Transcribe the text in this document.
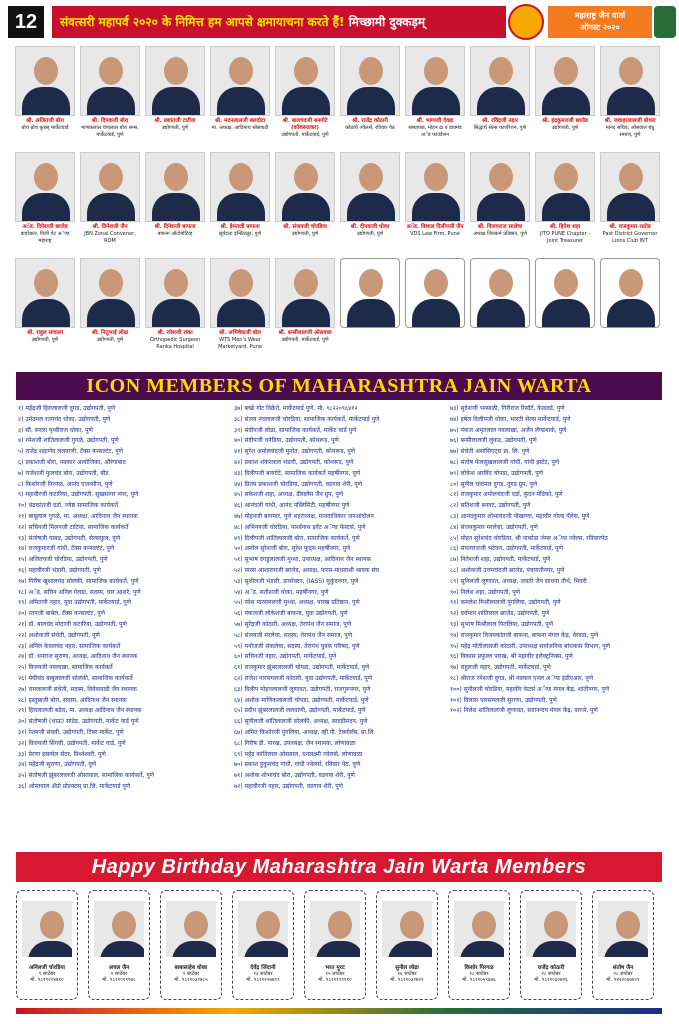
12	संवत्सरी महापर्व २०२० के निमित्त हम आपसे क्षमायाचना करते हैं! मिच्छामी दुक्कड़म्	महाराष्ट्र जैन वार्ता
ऑगस्ट २०२०
श्री. अजितजी बोरा
बोरा ब्रोथ फ़ुडस् मार्केटयार्ड
श्री. दिपकजी बोरा
माणकलाल चंपालाल बोरा सन्स, मार्केटयार्ड, पुणे
श्री. प्रशांतजी टाटीया
उद्योगपती, पुणे
श्री. मदनलालजी बलदोटा
मा. अध्यक्ष, आदिनाथ सोसायटी
श्री. बालचंदजी बनगोटे (कोथरूडकर)
उद्योगपती, मार्केटयार्ड, पुणे
श्री. राजेंद्र कोठारी
कोठारी ज्वेलर्स, रविवार पेठ
श्री. भाग्यजी देवडा
संस्थापक, मोहन द्रा व डायमंड अॅड फाउंडेशन
श्री. रविंद्रजी नहार
सिद्धांर्थ सेल्स कार्पोरेशन, पुणे
श्री. इंद्रकुमारजी छाजेड
उद्योगपती, पुणे
श्री. जवाहरलालजी बोथरा
मानद सचिव, ओसवाल बंधु समाज, पुणे
अॅड. दिनेशजी छाजेड
डायरेक्टर, विजी पेट अॅण्ड महाराष्ट्र
श्री. दिनेशजी जैन
JBN Zonal Convener, ROM
श्री. दिनेशजी बाफना
बाफना ऑटोमोटिव्ह
श्री. हेमंतजी बाफना
सूर्यदत्ता इन्स्टिट्यूट, पुणे
श्री. संजयजी चोरडिया
उद्योगपती, पुणे
श्री. दीपकजी धोका
उद्योगपती, पुणे
अॅड. विशाल दिलीपजी जैन
VDS Law Firm, Pune
श्री. विजयराज सालेचा
अध्यक्ष जितकर्म प्रतिष्ठान, पुणे
श्री. हितेश शहा
JITO PUNE Chapter - Joint Treasurer
श्री. राजकुमार राठोड
Past District Governor Lions Club INT
श्री. राहुल सांकला
उद्योगपती, पुणे
श्री. नितुभाई लोढा
उद्योगपती, पुणे
श्री. रमेशजी रांका
Orthopedic Surgeon Ranka Hospital
श्री. अभिषेकजी बोरा
WTS Men's Wear Marketyard, Pune
श्री. बन्सीलालजी ओसवाल
उद्योगपती, मार्केटयार्ड, पुणे
ICON MEMBERS OF MAHARASHTRA JAIN WARTA
१) महेंद्रजी हिरालालजी दुगड, उद्योगपती, पुणे
२) उमेदमल रतनचंद धोका, उद्योगपती, पुणे
३) सौ. सरला पृथ्वीराज धोका, पुणे
४) रमेशजी शांतिलालजी गुगळे, उद्योगपती, पुणे
५) राजेंद्र शहाणेद ललवाणी, टॅक्स कन्सल्टंट, पुणे
६) प्रकाशजी बोरा, नवकार आयोजिका, औरंगाबाद
७) राजेशजी फुलचंद बोरा, उद्योगपती, बीड
८) किशोरजी पिरगळ, आनंद एजन्सीज, पुणे
९) महावीरजी कटारिया, उद्योगपती, सुखसागर नगर, पुणे
१०) चंद्रकांतजी दर्डा, ज्येष्ठ सामाजिक कार्यकर्ते
११) बाबूलाल गुगळे, मा. अध्यक्ष, आदिनाथ जैन स्थानक
१२) सचिनजी मिलनजी टाटिया, सामाजिक कार्यकर्ते
१३) संतोषजी चाबड, उद्योगपती, सेल्सफ़ुल, पुणे
१४) राजकुमारजी गांधी, टॅक्स कन्सल्टंट, पुणे
१५) अजितचजी चोरडिया, उद्योगपती, पुणे
१६) महावीरजी भंडारी, उद्योगपती, पुणे
१७) गिरीष खुशालचंद सोलंकी, सामाजिक कार्यकर्ते, पुणे
१८) अॅड. सचिन अनिल गेलडा, सदस्य, चार आशरे, पुणे
१९) अमितजी नहार, युवा उद्योगपती, मार्केटयार्ड, पुणे
२०) रतनजी बाबेल, टॅक्स कन्सल्टंट, पुणे
२१) डॉ. बालचंद मोदाजी कटारिया, उद्योगपती, पुणे
२२) अशोकजी संचेती, उद्योगपती, पुणे
२३) अनिल केवलचंद नहार, सामाजिक कार्यकर्ते
२४) डॉ. धनराज सुराणा, अध्यक्ष, आदिनाथ जैन स्थानक
२५) विजयजी नवलाखा, सामाजिक कार्यकर्ते
२६) मेघीचंद बाबुलालजी सोलंकी, सामाजिक कार्यकर्ते
२७) रामलालजी संचेती, सदस्य, विवेकवाडी जैन स्थानक
२८) हस्तुखजी बोरा, सदस्य, आदिनाथ जैन स्थानक
२९) हिरालालजी बडेरा, मा. अध्यक्ष आदिनाथ जैन स्थानक
३०) संतोषजी (भाऊ) सांडेड, उद्योगपती, मार्केट यार्ड पुणे
३१) रेशमजी संघवी, उद्योगपती, टिंबर मार्केट, पुणे
३२) विजयजी सिंगवी, उद्योगपती, मार्केट यार्ड, पुणे
३३) प्रेरणा इस्रायेल सेंटर, विश्वेश्वरी, पुणे
३४) महेंद्रजी सुराणा, उद्योगपती, पुणे
३५) संतोषजी झुंबरलालजी ओस्तवाल, सामाजिक कार्यकर्ते, पुणे
३६) ओस्तवाल ॲग्रो प्रोडक्टस् प्रा.लि. मार्केटयार्ड पुणे
३७) बच्छे गोट विक्रेते, मार्केटयार्ड पुणे. मो. ९८२२०९६४१२
३८) संजय नंदलालजी चोरडिया, सामाजिक कार्यकर्ते, मार्केटयार्ड पुणे
३९) संदीपजी लोढा, सामाजिक कार्यकर्ते, मार्केट यार्ड पुणे
४०) संदीपजी धनेडिया, उद्योगपती, कोथरूड, पुणे
४१) सुरेश अमोलचंदजी मुनोत, उद्योगपती, कोथरूड, पुणे
४२) प्रकाश शंकरलाल भंडारी, उद्योगपती, कोथरूड, पुणे
४३) दिलीपजी बनगोटे, सामाजिक कार्यकर्ते महर्षीनगर, पुणे
४४) प्रितम प्रकाशजी चोरडिया, उद्योगपती, वडगाव शेरी, पुणे
४५) सकेशजी शहा, अध्यक्ष, डीसलेंस जैन ग्रुप, पुणे
४६) आनंदजी गांधी, आनंद पब्लिसिटी, महर्षीनगर पुणे
४७) मोहनजी बागमार, पुणे शहराध्यक्ष, मानवाधिकार जनआंदोलन
४८) अभिनयजी चोरडिया, पार्श्वनाथ इवेंट अॅण्ड फेस्टर्स, पुणे
४९) दिलीपजी शांतिलालजी बोरा, सामाजिक कार्यकर्ते, पुणे
५०) अमोल सुरेशजी बोरा, सुरेश फूड्स महर्षीनगर, पुणे
५१) सुभाष दगडुलालजी मुथ्था, उपाध्यक्ष, आदिनाथ जैन स्थानक
५२) पारस आशारामजी छाजेड, अध्यक्ष, पारस-माधवाशी श्रावक संघ
५३) सुशीलजी भंडारी, डायरेक्टर, (IASS) मुकुंदनगर, पुणे
५४) अॅड. सतीशजी धोका, महर्षीनगर, पुणे
५५) रमेश पारसमलजी मुथ्था, अध्यक्ष, पारख प्रतिष्ठान, पुणे
५६) पंकजजी लोकेशजी बाफना, युवा उद्योगपती, पुणे
५७) सुरेंद्रजी कोठारी, अध्यक्ष, तेरापंथ जैन समाज, पुणे
५८) संजयजी मरलेचा, सदस्य, तेरापंथ जैन समाज, पुणे
५९) मनोजजी संकलेचा, सदस्य, तेरापंथ युवक परिषद, पुणे
६०) सचिनजी नहार, उद्योगपती, मार्केटयार्ड, पुणे
६१) राजकुमार झुंबरलालजी चोपडा, उद्योगपती, मार्केटयार्ड, पुणे
६२) राजेश पारसमलजी कोठारी, युवा उद्योगपती, मार्केटयार्ड, पुणे
६३) दिलीप मोहनलालजी लुणावत, उद्योगपती, राजगुरुनगर, पुणे
६४) अशोक माणिकलालजी चोपडा, उद्योगपती, मार्केटयार्ड, पुणे
६५) प्रदीप झुंबरलालजी ललवाणी, उद्योगपती, मार्केटयार्ड, पुणे
६६) सुनीलजी शांतिलालजी सोलंकी, अध्यक्ष, सादड़ीसदन, पुणे
६७) अमित किशोरजी पुंगलिया, अध्यक्ष, व्ही.पी. टेक्नोलॅब, प्रा.लि.
६८) गिरीष डी. पारख, उपाध्यक्ष, जैन स्थानक, लोणावळा
६९) महेंद्र कांतिलाल ओसवाल, धनलक्ष्मी ज्वेलर्स, लोणावळा
७०) प्रकाश हुकुमचंद गांधी, गांधी ज्वेलर्स, रविवार पेठ, पुणे
७१) अशोक शोभाचंद बोरा, उद्योगपती, वडगाव शेरी, पुणे
७२) महावीरजी नहार, उद्योगपती, वडगाव शेरी, पुणे
७३) सुदेशजी भन्साळी, गिरीराज रिसॉर्ट, केळवडे, पुणे
७४) हर्षल दिलीपजी धोका, भारती सेल्स मार्केटयार्ड, पुणे
७५) पंकज अमृतलाल नवलाखा, अर्जेन लॅण्डमार्क, पुणे
७६) बन्सीलालजी लुंकड, उद्योगपती, पुणे
७७) संचेती असोसिएट्स प्रा. लि. पुणे
७८) संतोष फेलसुखलालजी गांधी, गांधी इस्टेट, पुणे
७९) लोकेश अरविंद चोपडा, उद्योगपती, पुणे
८०) सुनील चांदमल दुगड, दुगड ग्रुप, पुणे
८१) राजकुमार अमोलचंदजी दर्डा, कुंदन मेडिको, पुणे
८२) सतिशजी बनवट, उद्योगपती, पुणे
८३) आनंदकुमार शोभाचंदजी पोखरणा, महावीर गोल्ड पॅलेस, पुणे
८४) संजयकुमार मरलेचा, उद्योगपती, पुणे
८५) मोहन सुरेशचंद चोरडिया, श्री नाकोडा जेम्स अॅण्ड ज्वेल्स, रविवारपेठ
८६) संपतराजजी भटेवरा, उद्योगपती, मार्केटयार्ड, पुणे
८७) नितेशजी शहा, उद्योगपती, मार्केटयार्ड, पुणे
८८) अशोकजी उत्तमचंदजी छाजेड, पंचायतीनगर, पुणे
८९) सुनिलजी लुणावत, अध्यक्ष, जयती जैन साधना तीर्थ, भिवरी
९०) निलेश शहा, उद्योगपती, पुणे
९१) कमलेश मिश्रीलालजी पुंगलिया, उद्योगपती, पुणे
९२) वर्धमान शांतिलाल छाजेड, उद्योगपती, पुणे
९३) सुभाष मिश्रीलाल पितलिया, उद्योगपती, पुणे
९४) राजकुमार विजयकांतजी बाफना, बाफना मंगल केंद्र, वेरवडा, पुणे
९५) महेंद्र मोतीलालजी कोठारी, उपाध्यक्ष सार्वजनिक बांधकाम विभाग, पुणे
९६) विकास प्रफुल्ल पारख, श्री महावीर इलेक्ट्रनिक्स, पुणे
९७) राहुलजी नहार, उद्योगपती, मार्केटयार्ड, पुणे
९८) श्रीराज रमेशजी दुगड, श्री नवकार एनल अॅण्ड इंडीएआर, पुणे
१००) सुनीलजी चोरडिया, महावीर केटर्स अॅण्ड मंगल केंद्र, शांतीनगर, पुणे
१०१) विलास पारसमलजी सुराणा, उद्योगपती, पुणे
१०२) निलेश शांतिलालजी लुणावत, सदानन्दय मंगल केंद्र, वारजे, पुणे
Happy Birthday Maharashtra Jain Warta Members
अनिलजी चोरडिया
१ सप्टेंबर
मो. ९८१९२२४७१०
अचल जैन
१ सप्टेंबर
मो. ९८२२०१९९७८
बाबासाहेब धोका
१ सप्टेंबर
मो. ९८२२०३१७८५
देवेंद्र जिंदानी
१३ सप्टेंबर
मो. ९८२२२०७७१९
भरत मुरट
१५ सप्टेंबर
मो. ९८२२१११११०
सुनील लोढा
१६ सप्टेंबर
मो. ९८२२०३१७२१
किशोर पिरगळ
१८ सप्टेंबर
मो. ९८२२०५९६७६
राजेंद्र कोठारी
२८ सप्टेंबर
मो. ९८२२०३०७१६
संतोष जैन
२८ सप्टेंबर
मो. ९४२२०६७४०१
